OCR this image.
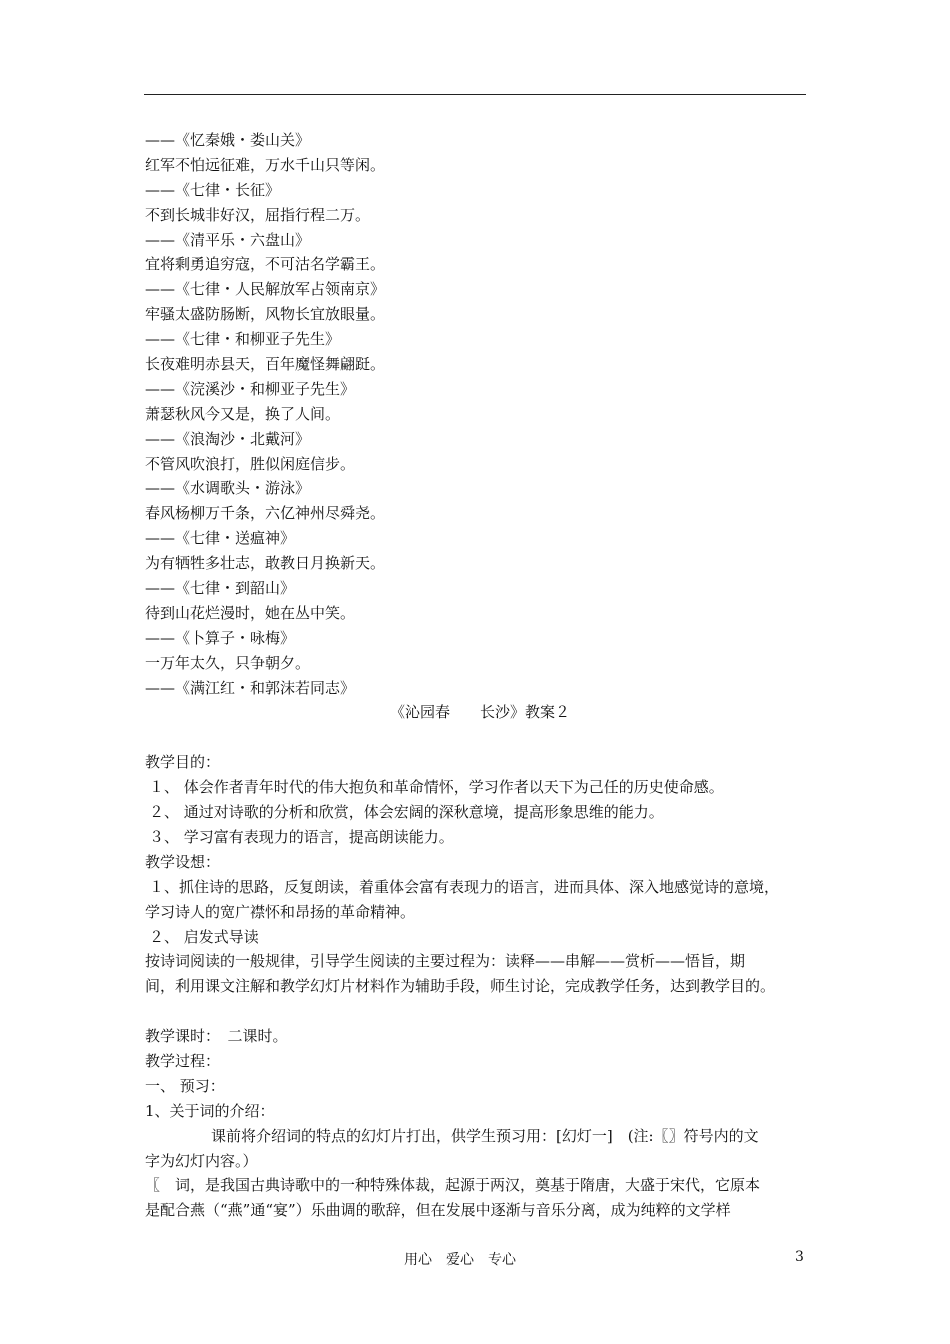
——《忆秦娥・娄山关》
红军不怕远征难，万水千山只等闲。
——《七律・长征》
不到长城非好汉，屈指行程二万。
——《清平乐・六盘山》
宜将剩勇追穷寇，不可沽名学霸王。
——《七律・人民解放军占领南京》
牢骚太盛防肠断，风物长宜放眼量。
——《七律・和柳亚子先生》
长夜难明赤县天，百年魔怪舞翩跹。
——《浣溪沙・和柳亚子先生》
萧瑟秋风今又是，换了人间。
——《浪淘沙・北戴河》
不管风吹浪打，胜似闲庭信步。
——《水调歌头・游泳》
春风杨柳万千条，六亿神州尽舜尧。
——《七律・送瘟神》
为有牺牲多壮志，敢教日月换新天。
——《七律・到韶山》
待到山花烂漫时，她在丛中笑。
——《卜算子・咏梅》
一万年太久，只争朝夕。
——《满江红・和郭沫若同志》
《沁园春　　长沙》教案２
教学目的：
１、 体会作者青年时代的伟大抱负和革命情怀，学习作者以天下为己任的历史使命感。
２、 通过对诗歌的分析和欣赏，体会宏阔的深秋意境，提高形象思维的能力。
３、 学习富有表现力的语言，提高朗读能力。
教学设想：
１、抓住诗的思路，反复朗读，着重体会富有表现力的语言，进而具体、深入地感觉诗的意境，
学习诗人的宽广襟怀和昂扬的革命精神。
２、 启发式导读
按诗词阅读的一般规律，引导学生阅读的主要过程为：读释——串解——赏析——悟旨，期
间，利用课文注解和教学幻灯片材料作为辅助手段，师生讨论，完成教学任务，达到教学目的。
教学课时：　二课时。
教学过程：
一、 预习：
1、关于词的介绍：
课前将介绍词的特点的幻灯片打出，供学生预习用：[幻灯一]　(注:〖〗符号内的文
字为幻灯内容。）
〖　词，是我国古典诗歌中的一种特殊体裁，起源于两汉，奠基于隋唐，大盛于宋代，它原本
是配合燕（“燕”通“宴”）乐曲调的歌辞，但在发展中逐渐与音乐分离，成为纯粹的文学样
用心　爱心　专心	3
